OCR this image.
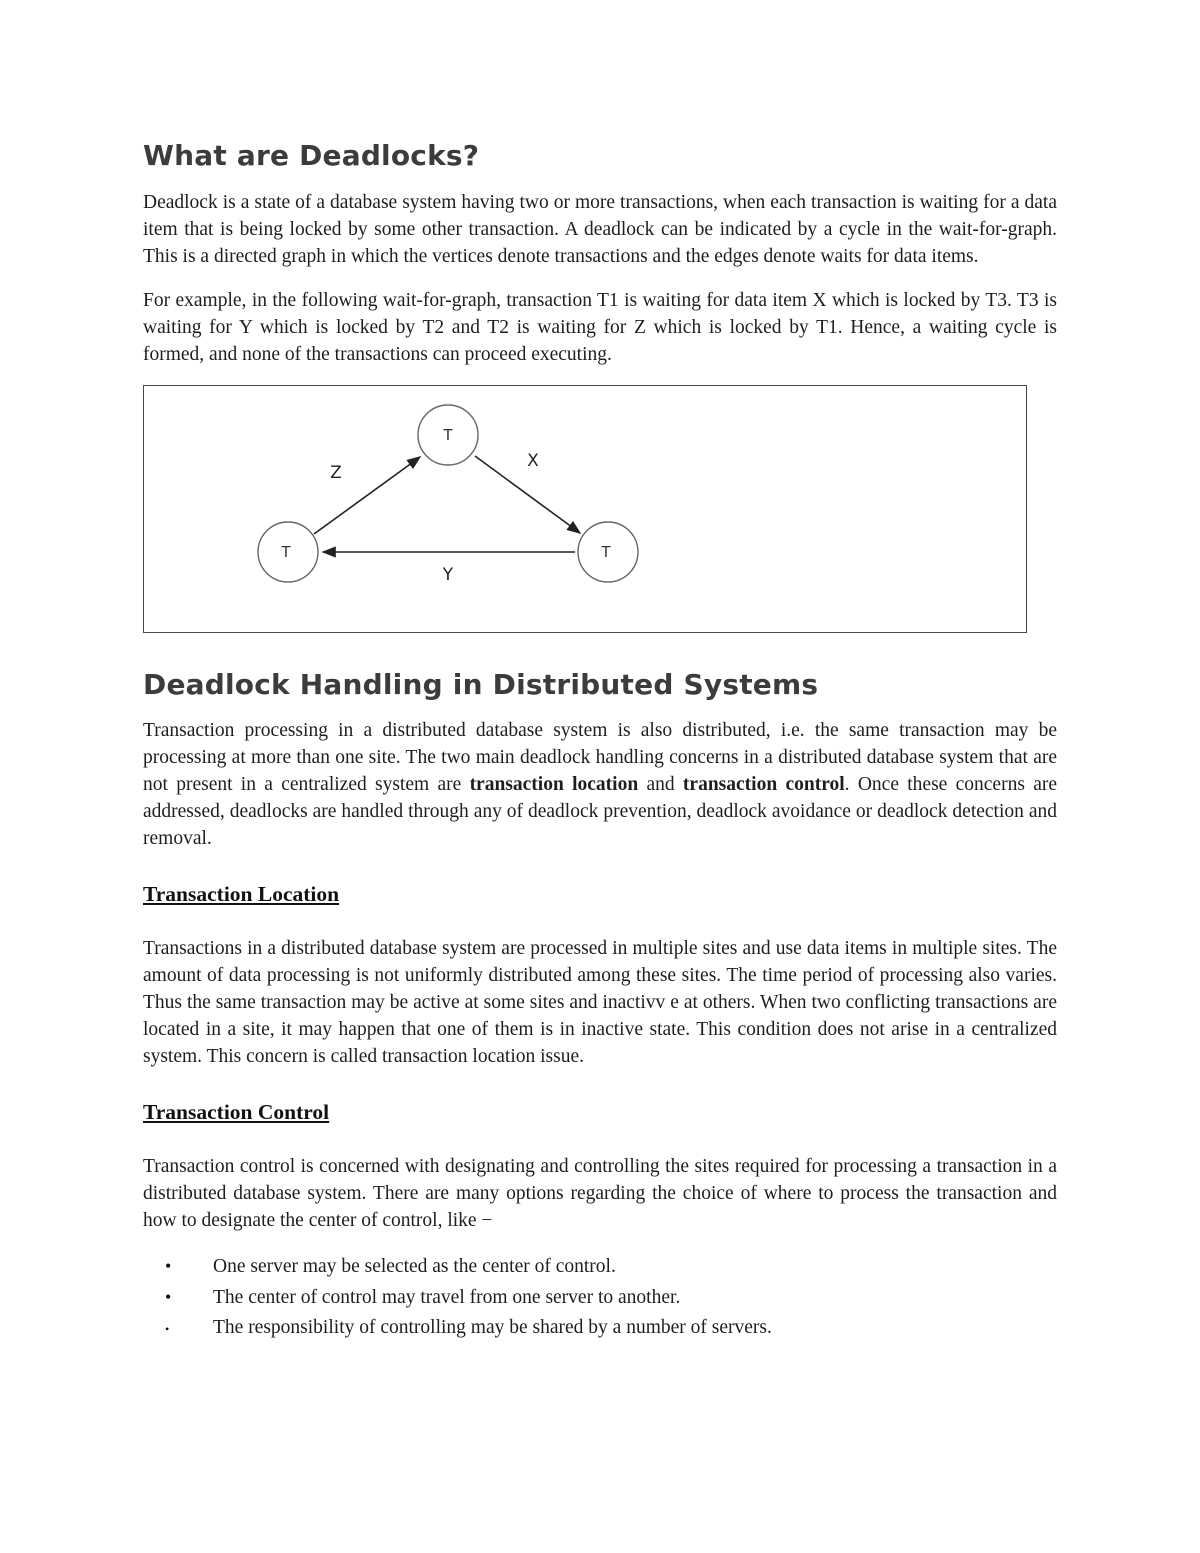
What are Deadlocks?

Deadlock is a state of a database system having two or more transactions, when each transaction is waiting for a data item that is being locked by some other transaction. A deadlock can be indicated by a cycle in the wait-for-graph. This is a directed graph in which the vertices denote transactions and the edges denote waits for data items.

For example, in the following wait-for-graph, transaction T1 is waiting for data item X which is locked by T3. T3 is waiting for Y which is locked by T2 and T2 is waiting for Z which is locked by T1. Hence, a waiting cycle is formed, and none of the transactions can proceed executing.

T
T	T
Z
X
Y
Deadlock Handling in Distributed Systems

Transaction processing in a distributed database system is also distributed, i.e. the same transaction may be processing at more than one site. The two main deadlock handling concerns in a distributed database system that are not present in a centralized system are transaction location and transaction control. Once these concerns are addressed, deadlocks are handled through any of deadlock prevention, deadlock avoidance or deadlock detection and removal.

Transaction Location

Transactions in a distributed database system are processed in multiple sites and use data items in multiple sites. The amount of data processing is not uniformly distributed among these sites. The time period of processing also varies. Thus the same transaction may be active at some sites and inactivv e at others. When two conflicting transactions are located in a site, it may happen that one of them is in inactive state. This condition does not arise in a centralized system. This concern is called transaction location issue.

Transaction Control

Transaction control is concerned with designating and controlling the sites required for processing a transaction in a distributed database system. There are many options regarding the choice of where to process the transaction and how to designate the center of control, like −

•	One server may be selected as the center of control.
•	The center of control may travel from one server to another.
•	The responsibility of controlling may be shared by a number of servers.
